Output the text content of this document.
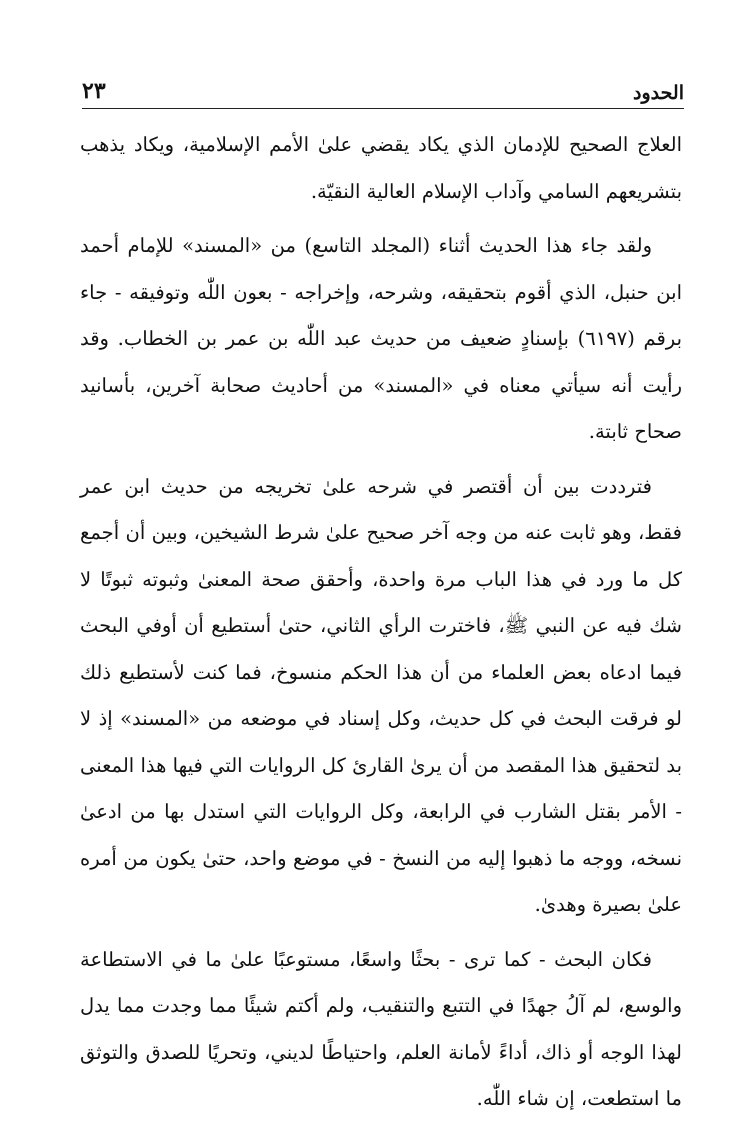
الحدود
٢٣

العلاج الصحيح للإدمان الذي يكاد يقضي علىٰ الأمم الإسلامية، ويكاد يذهب بتشريعهم السامي وآداب الإسلام العالية النقيّة.

ولقد جاء هذا الحديث أثناء (المجلد التاسع) من «المسند» للإمام أحمد ابن حنبل، الذي أقوم بتحقيقه، وشرحه، وإخراجه - بعون اللّٰه وتوفيقه - جاء برقم (٦١٩٧) بإسنادٍ ضعيف من حديث عبد اللّٰه بن عمر بن الخطاب. وقد رأيت أنه سيأتي معناه في «المسند» من أحاديث صحابة آخرين، بأسانيد صحاح ثابتة.

فترددت بين أن أقتصر في شرحه علىٰ تخريجه من حديث ابن عمر فقط، وهو ثابت عنه من وجه آخر صحيح علىٰ شرط الشيخين، وبين أن أجمع كل ما ورد في هذا الباب مرة واحدة، وأحقق صحة المعنىٰ وثبوته ثبوتًا لا شك فيه عن النبي ﷺ، فاخترت الرأي الثاني، حتىٰ أستطيع أن أوفي البحث فيما ادعاه بعض العلماء من أن هذا الحكم منسوخ، فما كنت لأستطيع ذلك لو فرقت البحث في كل حديث، وكل إسناد في موضعه من «المسند» إذ لا بد لتحقيق هذا المقصد من أن يرىٰ القارئ كل الروايات التي فيها هذا المعنى - الأمر بقتل الشارب في الرابعة، وكل الروايات التي استدل بها من ادعىٰ نسخه، ووجه ما ذهبوا إليه من النسخ - في موضع واحد، حتىٰ يكون من أمره علىٰ بصيرة وهدىٰ.

فكان البحث - كما ترى - بحثًا واسعًا، مستوعبًا علىٰ ما في الاستطاعة والوسع، لم آلُ جهدًا في التتبع والتنقيب، ولم أكتم شيئًا مما وجدت مما يدل لهذا الوجه أو ذاك، أداءً لأمانة العلم، واحتياطًا لديني، وتحريًا للصدق والتوثق ما استطعت، إن شاء اللّٰه.
